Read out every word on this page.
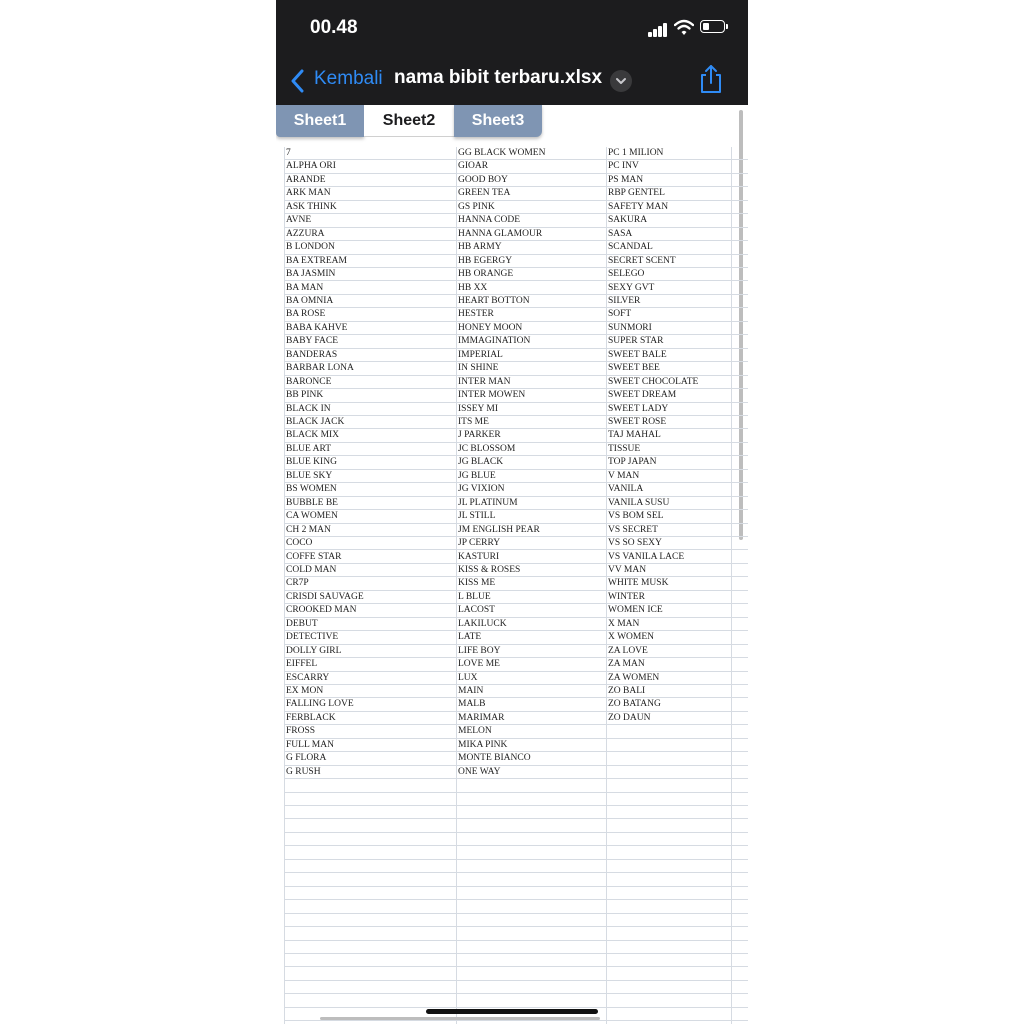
00.48
Kembali nama bibit terbaru.xlsx
Sheet1	Sheet2	Sheet3
7	GG BLACK WOMEN	PC 1 MILION
ALPHA ORI	GIOAR	PC INV
ARANDE	GOOD BOY	PS MAN
ARK MAN	GREEN TEA	RBP GENTEL
ASK THINK	GS PINK	SAFETY MAN
AVNE	HANNA CODE	SAKURA
AZZURA	HANNA GLAMOUR	SASA
B LONDON	HB ARMY	SCANDAL
BA EXTREAM	HB EGERGY	SECRET SCENT
BA JASMIN	HB ORANGE	SELEGO
BA MAN	HB XX	SEXY GVT
BA OMNIA	HEART BOTTON	SILVER
BA ROSE	HESTER	SOFT
BABA KAHVE	HONEY MOON	SUNMORI
BABY FACE	IMMAGINATION	SUPER STAR
BANDERAS	IMPERIAL	SWEET BALE
BARBAR LONA	IN SHINE	SWEET BEE
BARONCE	INTER MAN	SWEET CHOCOLATE
BB PINK	INTER MOWEN	SWEET DREAM
BLACK IN	ISSEY MI	SWEET LADY
BLACK JACK	ITS ME	SWEET ROSE
BLACK MIX	J PARKER	TAJ MAHAL
BLUE ART	JC BLOSSOM	TISSUE
BLUE KING	JG BLACK	TOP JAPAN
BLUE SKY	JG BLUE	V MAN
BS WOMEN	JG VIXION	VANILA
BUBBLE BE	JL PLATINUM	VANILA SUSU
CA WOMEN	JL STILL	VS BOM SEL
CH 2 MAN	JM ENGLISH PEAR	VS SECRET
COCO	JP CERRY	VS SO SEXY
COFFE STAR	KASTURI	VS VANILA LACE
COLD MAN	KISS & ROSES	VV MAN
CR7P	KISS ME	WHITE MUSK
CRISDI SAUVAGE	L BLUE	WINTER
CROOKED MAN	LACOST	WOMEN ICE
DEBUT	LAKILUCK	X MAN
DETECTIVE	LATE	X WOMEN
DOLLY GIRL	LIFE BOY	ZA LOVE
EIFFEL	LOVE ME	ZA MAN
ESCARRY	LUX	ZA WOMEN
EX MON	MAIN	ZO BALI
FALLING LOVE	MALB	ZO BATANG
FERBLACK	MARIMAR	ZO DAUN
FROSS	MELON
FULL MAN	MIKA PINK
G FLORA	MONTE BIANCO
G RUSH	ONE WAY
